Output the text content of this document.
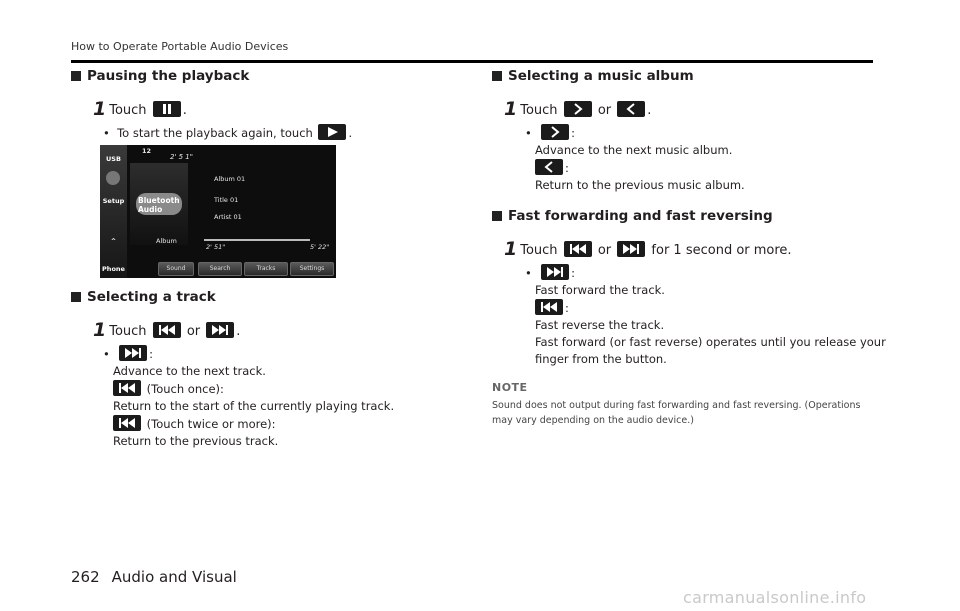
How to Operate Portable Audio Devices
Pausing the playback
1 Touch	.
•  To start the playback again, touch	.
USB
Setup
^
Phone
12
2' 5 1"
Bluetooth
Audio
Album
Album 01
Title 01
Artist 01
2' 51"	5' 22"
Sound	Search	Tracks	Settings
Selecting a track
1 Touch	or	.
•	:
Advance to the next track.
(Touch once):
Return to the start of the currently playing track.
(Touch twice or more):
Return to the previous track.
Selecting a music album
1 Touch	or	.
•	:
Advance to the next music album.
:
Return to the previous music album.
Fast forwarding and fast reversing
1 Touch	or	for 1 second or more.
•	:
Fast forward the track.
:
Fast reverse the track.
Fast forward (or fast reverse) operates until you release your
finger from the button.
NOTE
Sound does not output during fast forwarding and fast reversing. (Operations
may vary depending on the audio device.)
262 Audio and Visual
carmanualsonline.info
